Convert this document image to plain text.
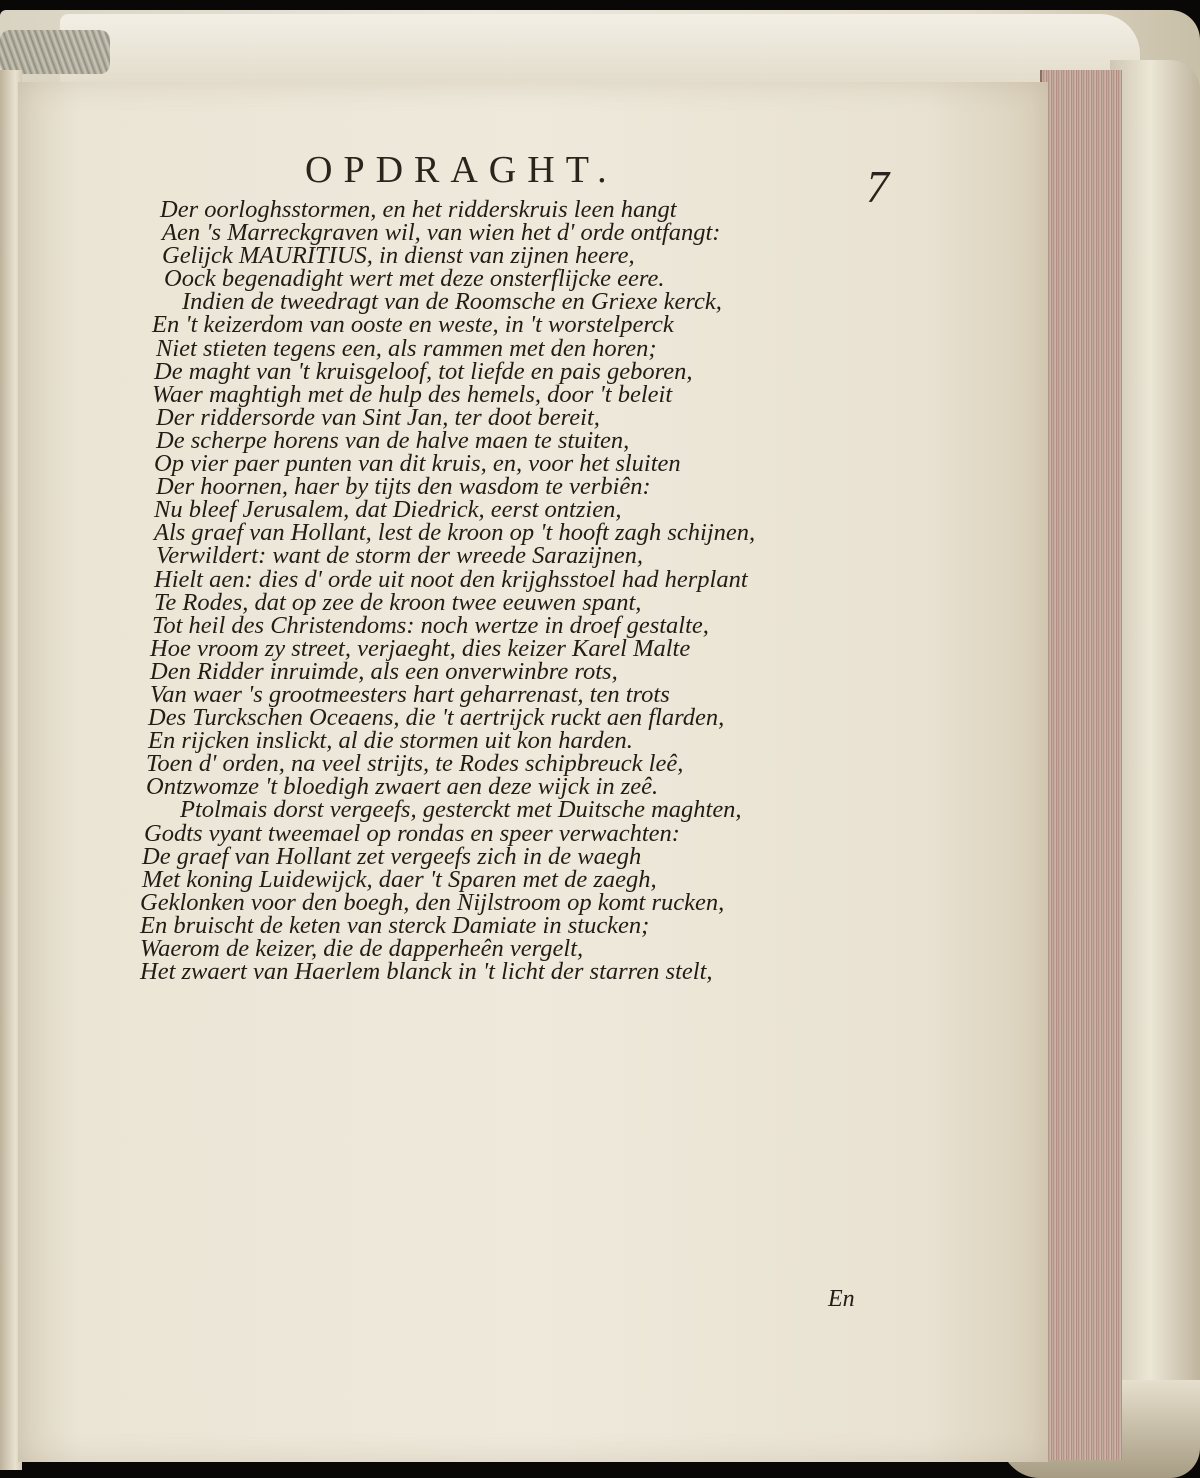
OPDRAGHT.	7
Der oorloghsstormen, en het ridderskruis leen hangt
Aen 's Marreckgraven wil, van wien het d' orde ontfangt:
Gelijck MAURITIUS, in dienst van zijnen heere,
Oock begenadight wert met deze onsterflijcke eere.
Indien de tweedragt van de Roomsche en Griexe kerck,
En 't keizerdom van ooste en weste, in 't worstelperck
Niet stieten tegens een, als rammen met den horen;
De maght van 't kruisgeloof, tot liefde en pais geboren,
Waer maghtigh met de hulp des hemels, door 't beleit
Der riddersorde van Sint Jan, ter doot bereit,
De scherpe horens van de halve maen te stuiten,
Op vier paer punten van dit kruis, en, voor het sluiten
Der hoornen, haer by tijts den wasdom te verbiên:
Nu bleef Jerusalem, dat Diedrick, eerst ontzien,
Als graef van Hollant, lest de kroon op 't hooft zagh schijnen,
Verwildert: want de storm der wreede Sarazijnen,
Hielt aen: dies d' orde uit noot den krijghsstoel had herplant
Te Rodes, dat op zee de kroon twee eeuwen spant,
Tot heil des Christendoms: noch wertze in droef gestalte,
Hoe vroom zy street, verjaeght, dies keizer Karel Malte
Den Ridder inruimde, als een onverwinbre rots,
Van waer 's grootmeesters hart geharrenast, ten trots
Des Turckschen Oceaens, die 't aertrijck ruckt aen flarden,
En rijcken inslickt, al die stormen uit kon harden.
Toen d' orden, na veel strijts, te Rodes schipbreuck leê,
Ontzwomze 't bloedigh zwaert aen deze wijck in zeê.
Ptolmais dorst vergeefs, gesterckt met Duitsche maghten,
Godts vyant tweemael op rondas en speer verwachten:
De graef van Hollant zet vergeefs zich in de waegh
Met koning Luidewijck, daer 't Sparen met de zaegh,
Geklonken voor den boegh, den Nijlstroom op komt rucken,
En bruischt de keten van sterck Damiate in stucken;
Waerom de keizer, die de dapperheên vergelt,
Het zwaert van Haerlem blanck in 't licht der starren stelt,
En
